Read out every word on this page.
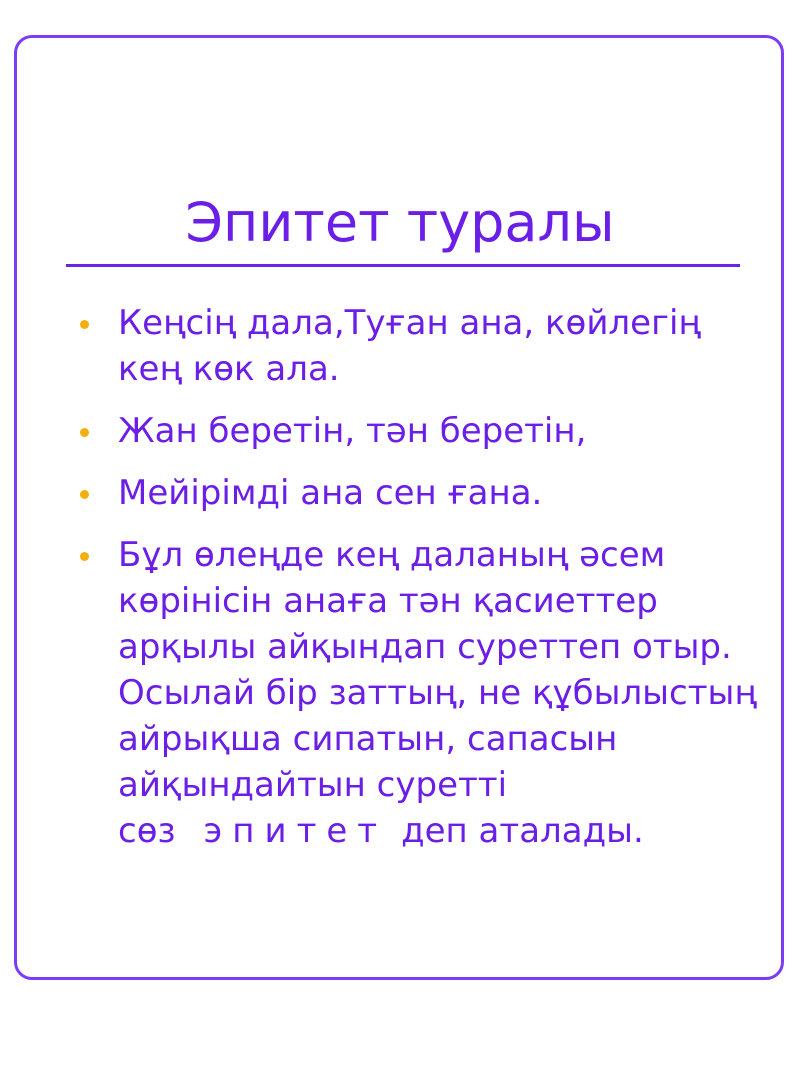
Эпитет туралы
Кеңсің дала,Туған ана, көйлегің кең көк ала.
Жан беретін, тән беретін,
Мейірімді ана сен ғана.
Бұл өлеңде кең даланың әсем көрінісін анаға тән қасиеттер арқылы айқындап суреттеп отыр. Осылай бір заттың, не құбылыстың айрықша сипатын, сапасын айқындайтын суретті сөз эпитет деп аталады.
